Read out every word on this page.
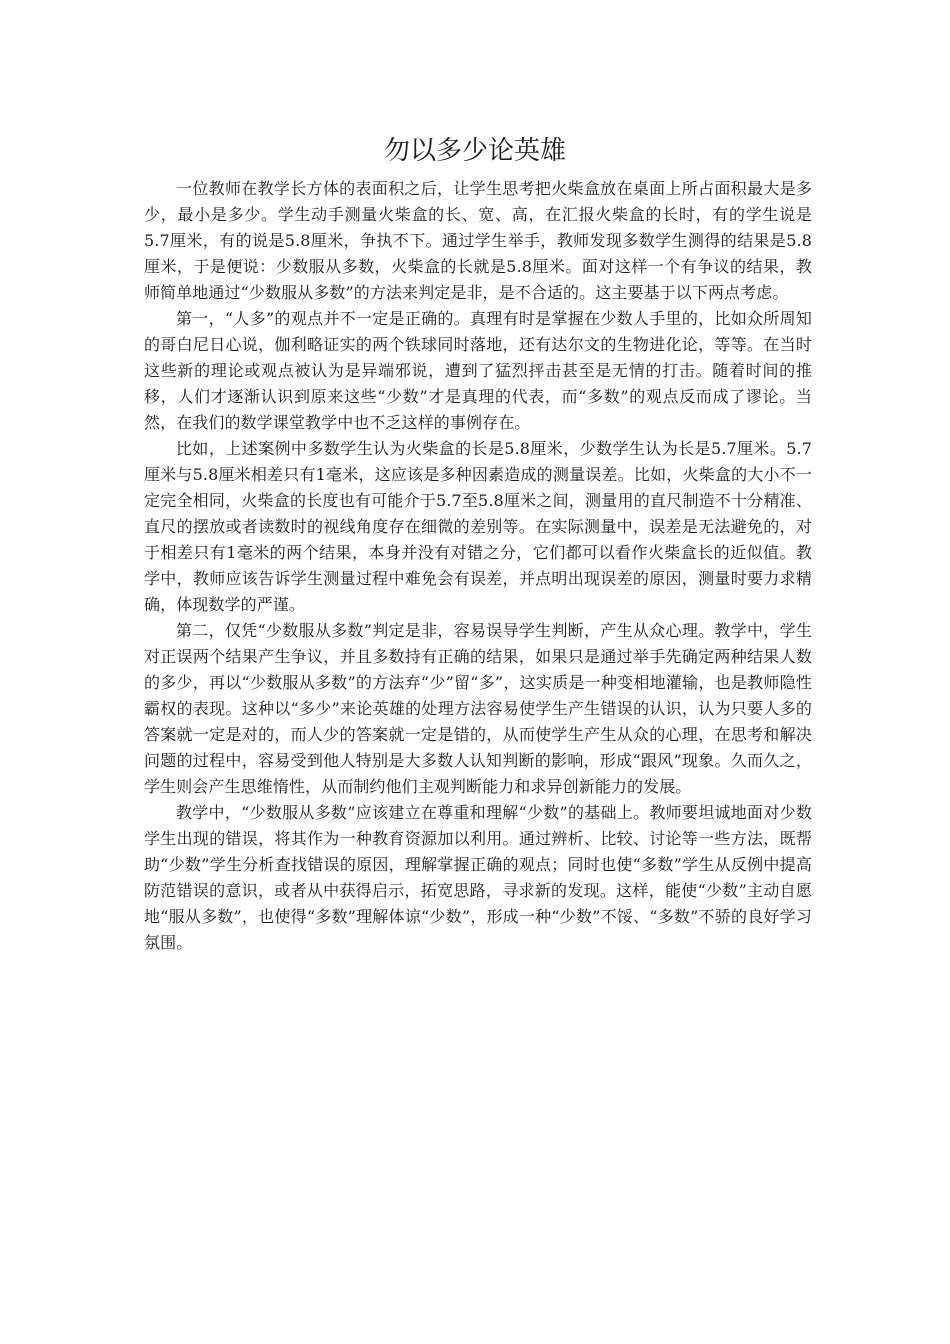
勿以多少论英雄

一位教师在教学长方体的表面积之后，让学生思考把火柴盒放在桌面上所占面积最大是多少，最小是多少。学生动手测量火柴盒的长、宽、高，在汇报火柴盒的长时，有的学生说是5.7厘米，有的说是5.8厘米，争执不下。通过学生举手，教师发现多数学生测得的结果是5.8厘米，于是便说：少数服从多数，火柴盒的长就是5.8厘米。面对这样一个有争议的结果，教师简单地通过“少数服从多数”的方法来判定是非，是不合适的。这主要基于以下两点考虑。

第一，“人多”的观点并不一定是正确的。真理有时是掌握在少数人手里的，比如众所周知的哥白尼日心说，伽利略证实的两个铁球同时落地，还有达尔文的生物进化论，等等。在当时这些新的理论或观点被认为是异端邪说，遭到了猛烈抨击甚至是无情的打击。随着时间的推移，人们才逐渐认识到原来这些“少数”才是真理的代表，而“多数”的观点反而成了谬论。当然，在我们的数学课堂教学中也不乏这样的事例存在。

比如，上述案例中多数学生认为火柴盒的长是5.8厘米，少数学生认为长是5.7厘米。5.7厘米与5.8厘米相差只有1毫米，这应该是多种因素造成的测量误差。比如，火柴盒的大小不一定完全相同，火柴盒的长度也有可能介于5.7至5.8厘米之间，测量用的直尺制造不十分精准、直尺的摆放或者读数时的视线角度存在细微的差别等。在实际测量中，误差是无法避免的，对于相差只有1毫米的两个结果，本身并没有对错之分，它们都可以看作火柴盒长的近似值。教学中，教师应该告诉学生测量过程中难免会有误差，并点明出现误差的原因，测量时要力求精确，体现数学的严谨。

第二，仅凭“少数服从多数”判定是非，容易误导学生判断，产生从众心理。教学中，学生对正误两个结果产生争议，并且多数持有正确的结果，如果只是通过举手先确定两种结果人数的多少，再以“少数服从多数”的方法弃“少”留“多”，这实质是一种变相地灌输，也是教师隐性霸权的表现。这种以“多少”来论英雄的处理方法容易使学生产生错误的认识，认为只要人多的答案就一定是对的，而人少的答案就一定是错的，从而使学生产生从众的心理，在思考和解决问题的过程中，容易受到他人特别是大多数人认知判断的影响，形成“跟风”现象。久而久之，学生则会产生思维惰性，从而制约他们主观判断能力和求异创新能力的发展。

教学中，“少数服从多数”应该建立在尊重和理解“少数”的基础上。教师要坦诚地面对少数学生出现的错误，将其作为一种教育资源加以利用。通过辨析、比较、讨论等一些方法，既帮助“少数”学生分析查找错误的原因，理解掌握正确的观点；同时也使“多数”学生从反例中提高防范错误的意识，或者从中获得启示，拓宽思路，寻求新的发现。这样，能使“少数”主动自愿地“服从多数”，也使得“多数”理解体谅“少数”，形成一种“少数”不馁、“多数”不骄的良好学习氛围。
